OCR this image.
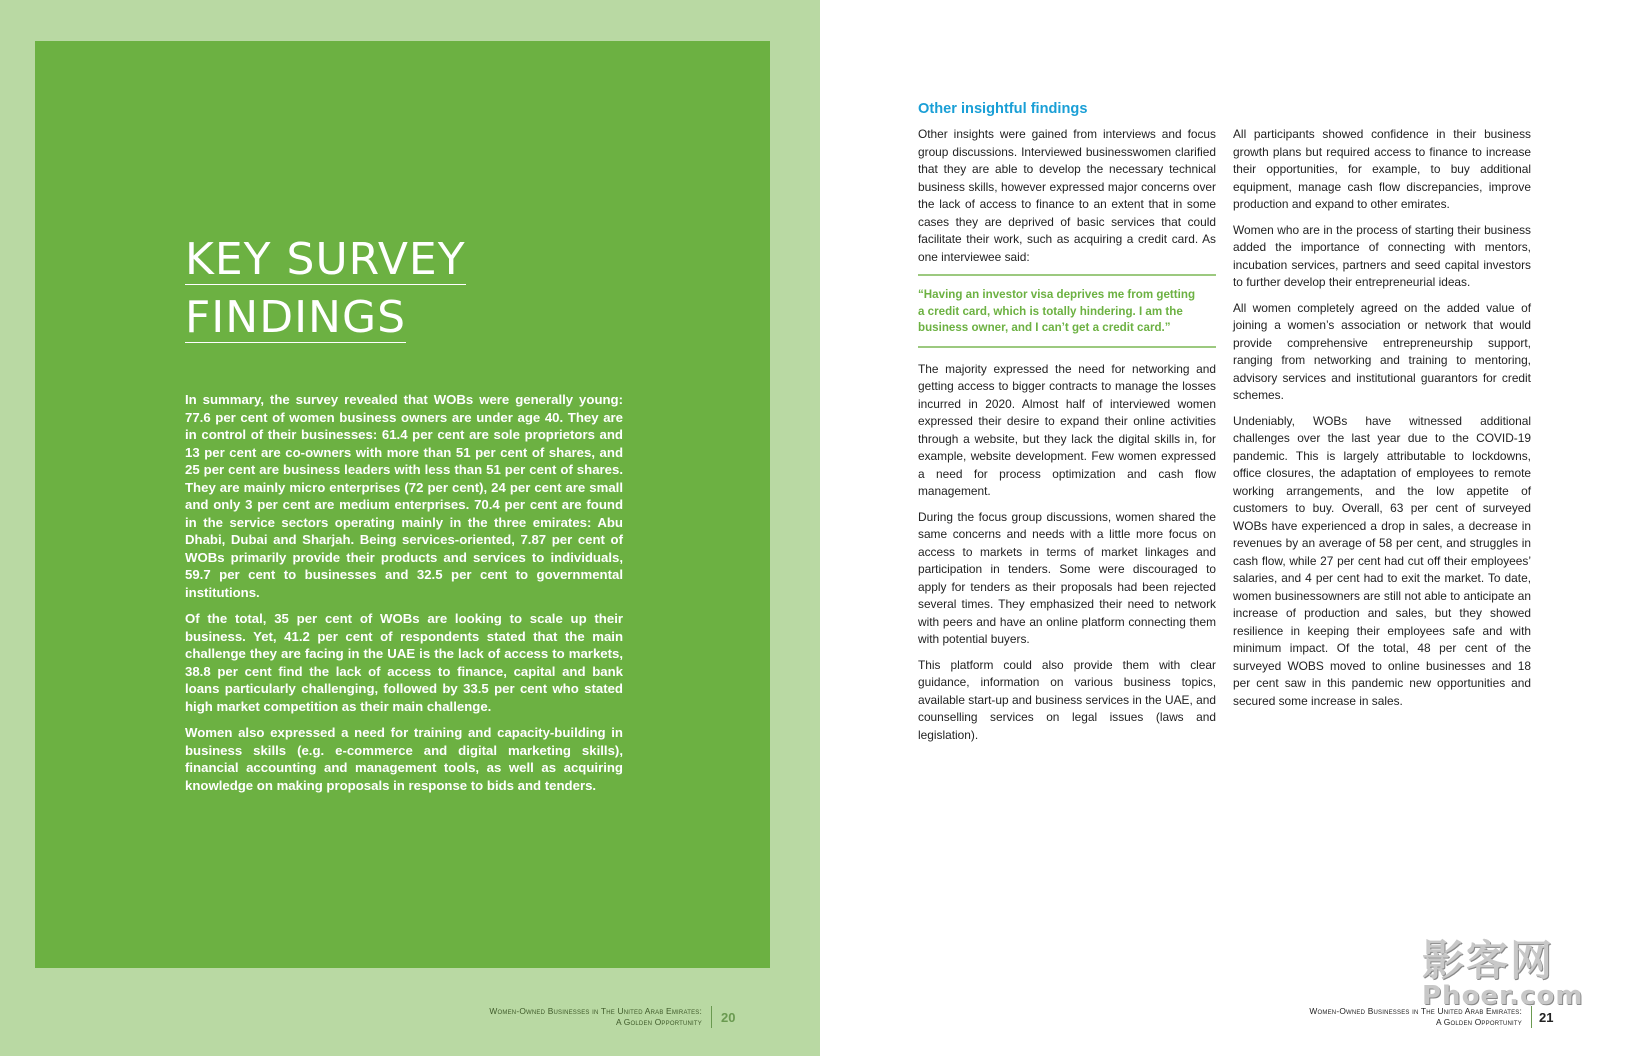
KEY SURVEY
FINDINGS

In summary, the survey revealed that WOBs were generally young: 77.6 per cent of women business owners are under age 40. They are in control of their businesses: 61.4 per cent are sole proprietors and 13 per cent are co-owners with more than 51 per cent of shares, and 25 per cent are business leaders with less than 51 per cent of shares. They are mainly micro enterprises (72 per cent), 24 per cent are small and only 3 per cent are medium enterprises. 70.4 per cent are found in the service sectors operating mainly in the three emirates: Abu Dhabi, Dubai and Sharjah. Being services-oriented, 7.87 per cent of WOBs primarily provide their products and services to individuals, 59.7 per cent to businesses and 32.5 per cent to governmental institutions.

Of the total, 35 per cent of WOBs are looking to scale up their business. Yet, 41.2 per cent of respondents stated that the main challenge they are facing in the UAE is the lack of access to markets, 38.8 per cent find the lack of access to finance, capital and bank loans particularly challenging, followed by 33.5 per cent who stated high market competition as their main challenge.

Women also expressed a need for training and capacity-building in business skills (e.g. e-commerce and digital marketing skills), financial accounting and management tools, as well as acquiring knowledge on making proposals in response to bids and tenders.

Women-Owned Businesses in The United Arab Emirates:
A Golden Opportunity 20
Other insightful findings

Other insights were gained from interviews and focus group discussions. Interviewed businesswomen clarified that they are able to develop the necessary technical business skills, however expressed major concerns over the lack of access to finance to an extent that in some cases they are deprived of basic services that could facilitate their work, such as acquiring a credit card. As one interviewee said:

“Having an investor visa deprives me from getting a credit card, which is totally hindering. I am the business owner, and I can’t get a credit card.”

The majority expressed the need for networking and getting access to bigger contracts to manage the losses incurred in 2020. Almost half of interviewed women expressed their desire to expand their online activities through a website, but they lack the digital skills in, for example, website development. Few women expressed a need for process optimization and cash flow management.

During the focus group discussions, women shared the same concerns and needs with a little more focus on access to markets in terms of market linkages and participation in tenders. Some were discouraged to apply for tenders as their proposals had been rejected several times. They emphasized their need to network with peers and have an online platform connecting them with potential buyers.

This platform could also provide them with clear guidance, information on various business topics, available start-up and business services in the UAE, and counselling services on legal issues (laws and legislation).

All participants showed confidence in their business growth plans but required access to finance to increase their opportunities, for example, to buy additional equipment, manage cash flow discrepancies, improve production and expand to other emirates.

Women who are in the process of starting their business added the importance of connecting with mentors, incubation services, partners and seed capital investors to further develop their entrepreneurial ideas.

All women completely agreed on the added value of joining a women’s association or network that would provide comprehensive entrepreneurship support, ranging from networking and training to mentoring, advisory services and institutional guarantors for credit schemes.

Undeniably, WOBs have witnessed additional challenges over the last year due to the COVID-19 pandemic. This is largely attributable to lockdowns, office closures, the adaptation of employees to remote working arrangements, and the low appetite of customers to buy. Overall, 63 per cent of surveyed WOBs have experienced a drop in sales, a decrease in revenues by an average of 58 per cent, and struggles in cash flow, while 27 per cent had cut off their employees’ salaries, and 4 per cent had to exit the market. To date, women businessowners are still not able to anticipate an increase of production and sales, but they showed resilience in keeping their employees safe and with minimum impact. Of the total, 48 per cent of the surveyed WOBS moved to online businesses and 18 per cent saw in this pandemic new opportunities and secured some increase in sales.

Women-Owned Businesses in The United Arab Emirates:
A Golden Opportunity 21
影客网
Phoer.com
